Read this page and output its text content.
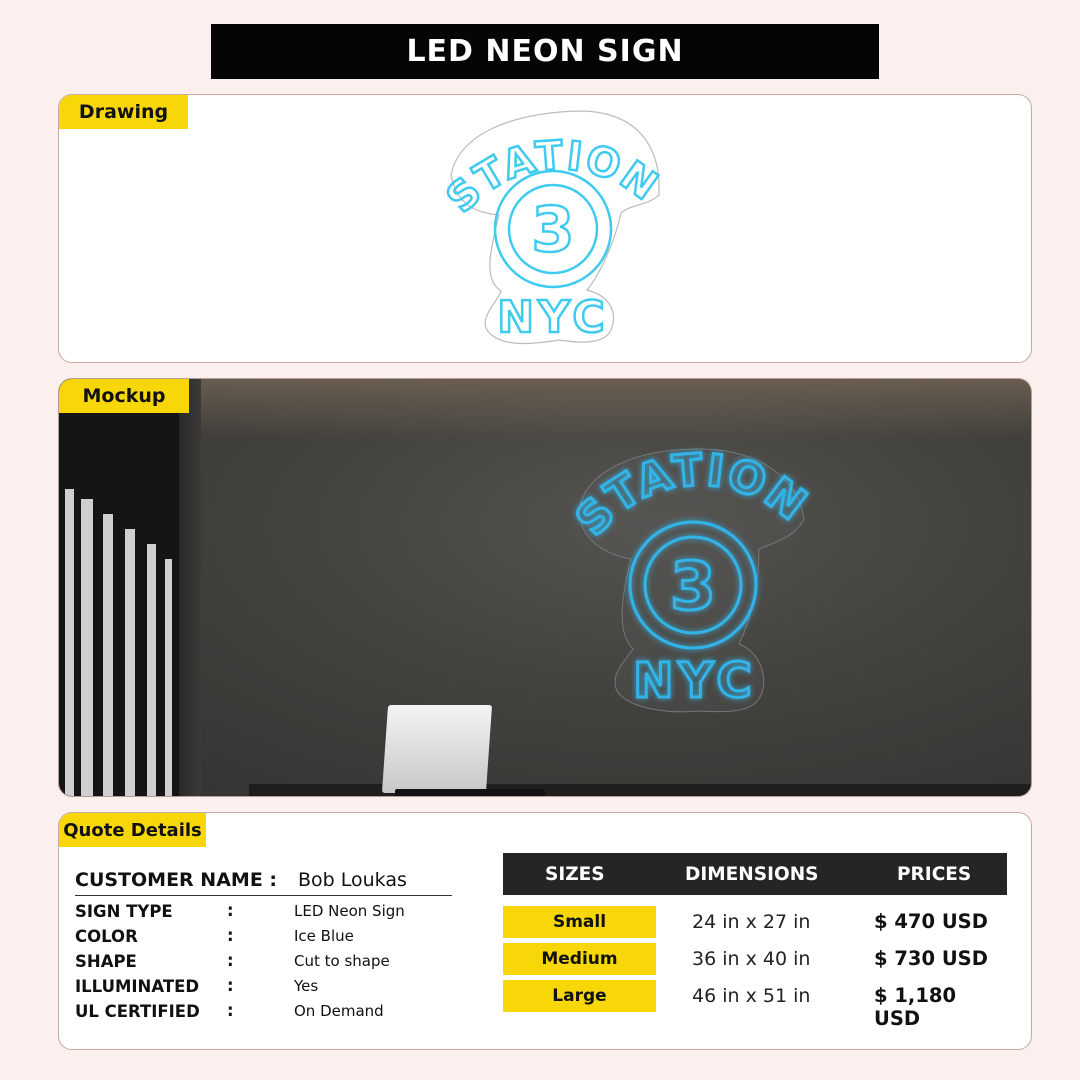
LED NEON SIGN
Drawing
STATION
3
NYC
Mockup
STATION
3
NYC
Quote Details
CUSTOMER NAME : Bob Loukas
SIGN TYPE	:	LED Neon Sign
COLOR	:	Ice Blue
SHAPE	:	Cut to shape
ILLUMINATED :	Yes
UL CERTIFIED :	On Demand
SIZES	DIMENSIONS	PRICES
Small	24 in x 27 in	$ 470 USD
Medium	36 in x 40 in	$ 730 USD
Large	46 in x 51 in	$ 1,180 USD
